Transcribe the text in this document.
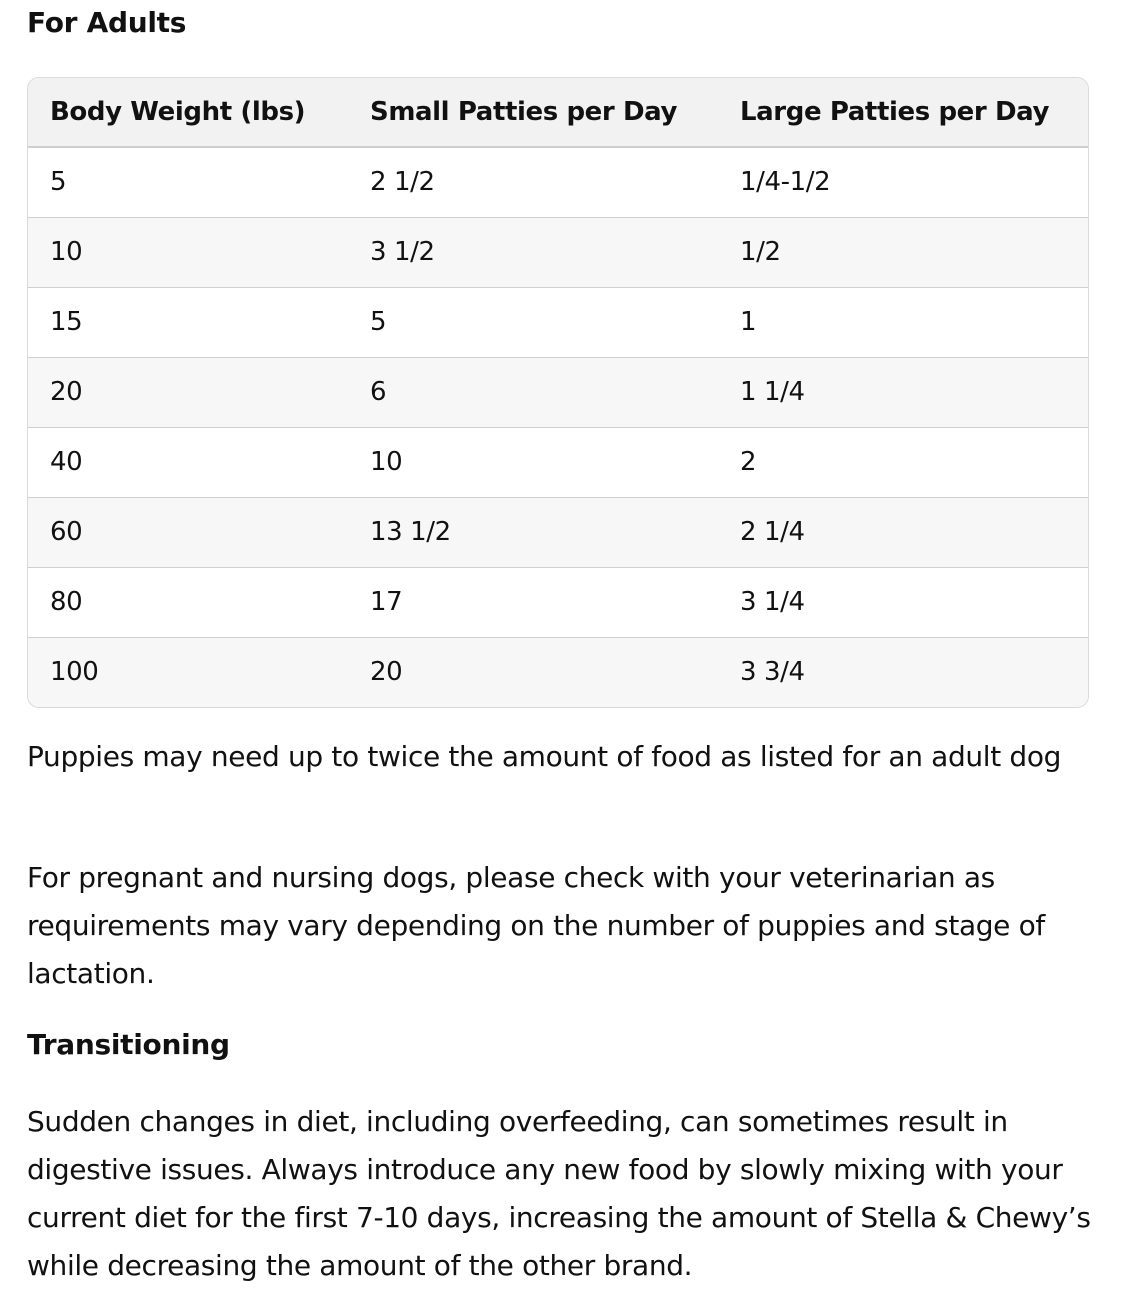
For Adults
Body Weight (lbs)	Small Patties per Day	Large Patties per Day
5	2 1/2	1/4-1/2
10	3 1/2	1/2
15	5	1
20	6	1 1/4
40	10	2
60	13 1/2	2 1/4
80	17	3 1/4
100	20	3 3/4

Puppies may need up to twice the amount of food as listed for an adult dog

For pregnant and nursing dogs, please check with your veterinarian as requirements may vary depending on the number of puppies and stage of lactation.

Transitioning

Sudden changes in diet, including overfeeding, can sometimes result in digestive issues. Always introduce any new food by slowly mixing with your current diet for the first 7-10 days, increasing the amount of Stella & Chewy’s while decreasing the amount of the other brand.
